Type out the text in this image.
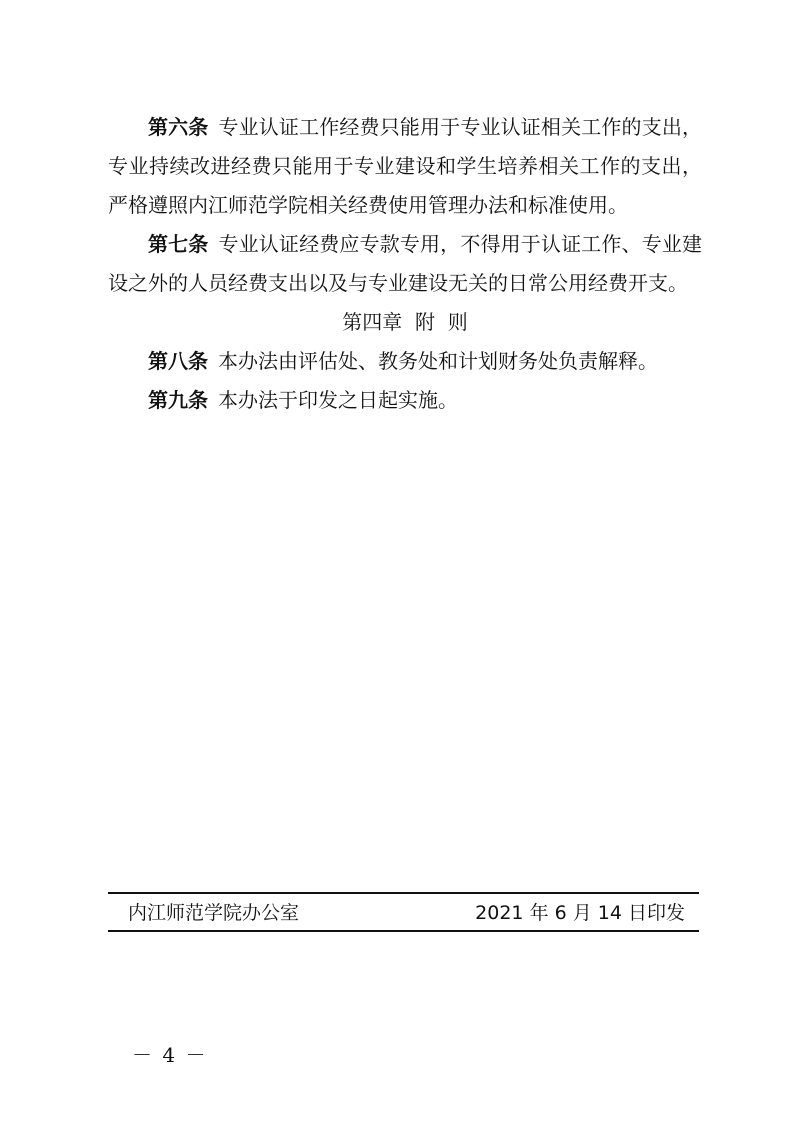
第六条 专业认证工作经费只能用于专业认证相关工作的支出，专业持续改进经费只能用于专业建设和学生培养相关工作的支出，严格遵照内江师范学院相关经费使用管理办法和标准使用。

第七条 专业认证经费应专款专用，不得用于认证工作、专业建设之外的人员经费支出以及与专业建设无关的日常公用经费开支。

第四章  附  则

第八条 本办法由评估处、教务处和计划财务处负责解释。

第九条 本办法于印发之日起实施。

内江师范学院办公室	2021 年 6 月 14 日印发
－ 4 －
